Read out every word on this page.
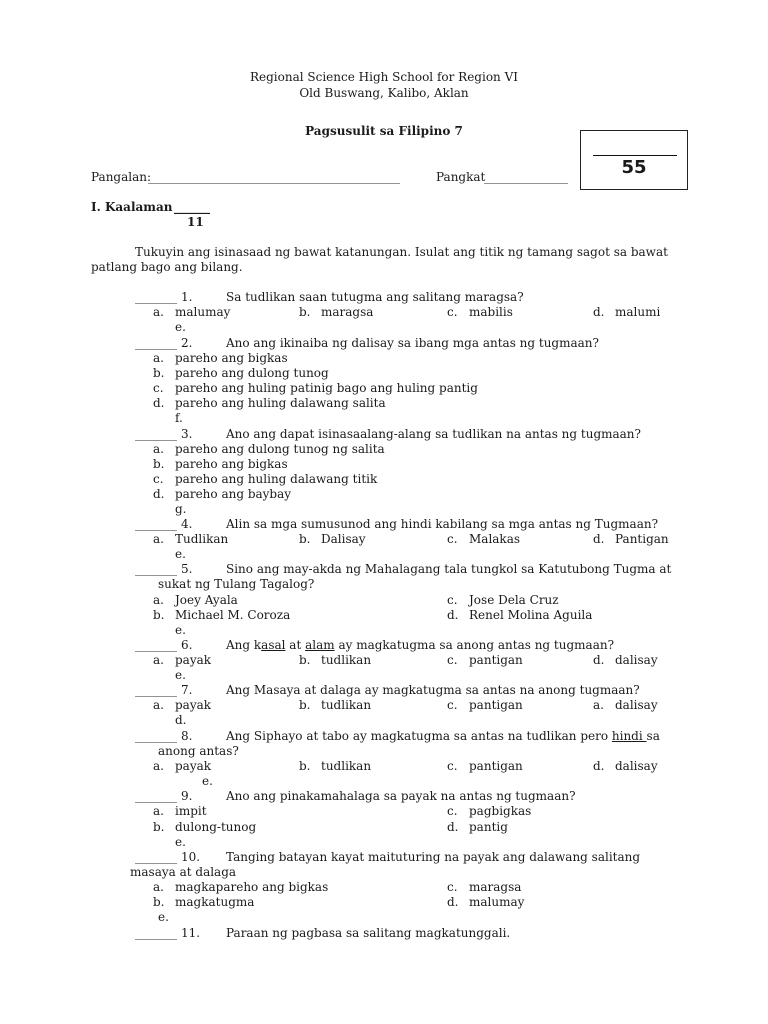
Regional Science High School for Region VI
Old Buswang, Kalibo, Aklan
Pagsusulit sa Filipino 7
55
Pangalan:
__________________________________________	Pangkat
______________
I. Kaalaman ______
11
Tukuyin ang isinasaad ng bawat katanungan. Isulat ang titik ng tamang sagot sa bawat
patlang bago ang bilang.
_______ 1.	Sa tudlikan saan tutugma ang salitang maragsa?
a. malumay	b. maragsa	c. mabilis	d. malumi
e.
_______ 2.	Ano ang ikinaiba ng dalisay sa ibang mga antas ng tugmaan?
a. pareho ang bigkas
b. pareho ang dulong tunog
c. pareho ang huling patinig bago ang huling pantig
d. pareho ang huling dalawang salita
f.
_______ 3.	Ano ang dapat isinasaalang-alang sa tudlikan na antas ng tugmaan?
a. pareho ang dulong tunog ng salita
b. pareho ang bigkas
c. pareho ang huling dalawang titik
d. pareho ang baybay
g.
_______ 4.	Alin sa mga sumusunod ang hindi kabilang sa mga antas ng Tugmaan?
a. Tudlikan	b. Dalisay	c. Malakas	d. Pantigan
e.
_______ 5.	Sino ang may-akda ng Mahalagang tala tungkol sa Katutubong Tugma at
sukat ng Tulang Tagalog?
a. Joey Ayala	c. Jose Dela Cruz
b. Michael M. Coroza	d. Renel Molina Aguila
e.
_______ 6.	Ang kasal at alam ay magkatugma sa anong antas ng tugmaan?
a. payak	b. tudlikan	c. pantigan	d. dalisay
e.
_______ 7.	Ang Masaya at dalaga ay magkatugma sa antas na anong tugmaan?
a. payak	b. tudlikan	c. pantigan	a. dalisay
d.
_______ 8.	Ang Siphayo at tabo ay magkatugma sa antas na tudlikan pero hindi sa
anong antas?
a. payak	b. tudlikan	c. pantigan	d. dalisay
e.
_______ 9.	Ano ang pinakamahalaga sa payak na antas ng tugmaan?
a. impit	c. pagbigkas
b. dulong-tunog	d. pantig
e.
_______ 10. Tanging batayan kayat maituturing na payak ang dalawang salitang
masaya at dalaga
a. magkapareho ang bigkas	c. maragsa
b. magkatugma	d. malumay
e.
_______ 11. Paraan ng pagbasa sa salitang magkatunggali.
